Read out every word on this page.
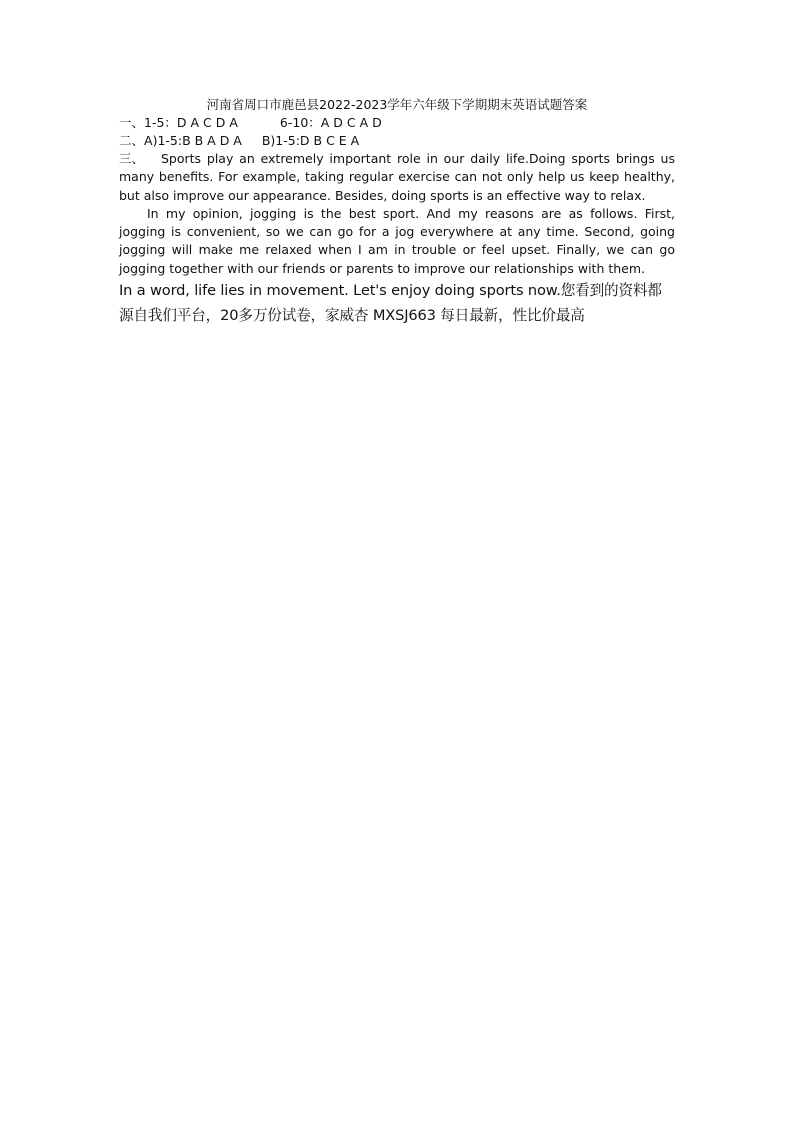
河南省周口市鹿邑县2022-2023学年六年级下学期期末英语试题答案
一、1-5：D A C D A	6-10：A D C A D
二、A)1-5:B B A D A B)1-5:D B C E A

三、 Sports play an extremely important role in our daily life.Doing sports brings us many benefits. For example, taking regular exercise can not only help us keep healthy, but also improve our appearance. Besides, doing sports is an effective way to relax.

In my opinion, jogging is the best sport. And my reasons are as follows. First, jogging is convenient, so we can go for a jog everywhere at any time. Second, going jogging will make me relaxed when I am in trouble or feel upset. Finally, we can go jogging together with our friends or parents to improve our relationships with them.

In a word, life lies in movement. Let's enjoy doing sports now.您看到的资料都
源自我们平台，20多万份试卷，家威杏 MXSJ663 每日最新，性比价最高
